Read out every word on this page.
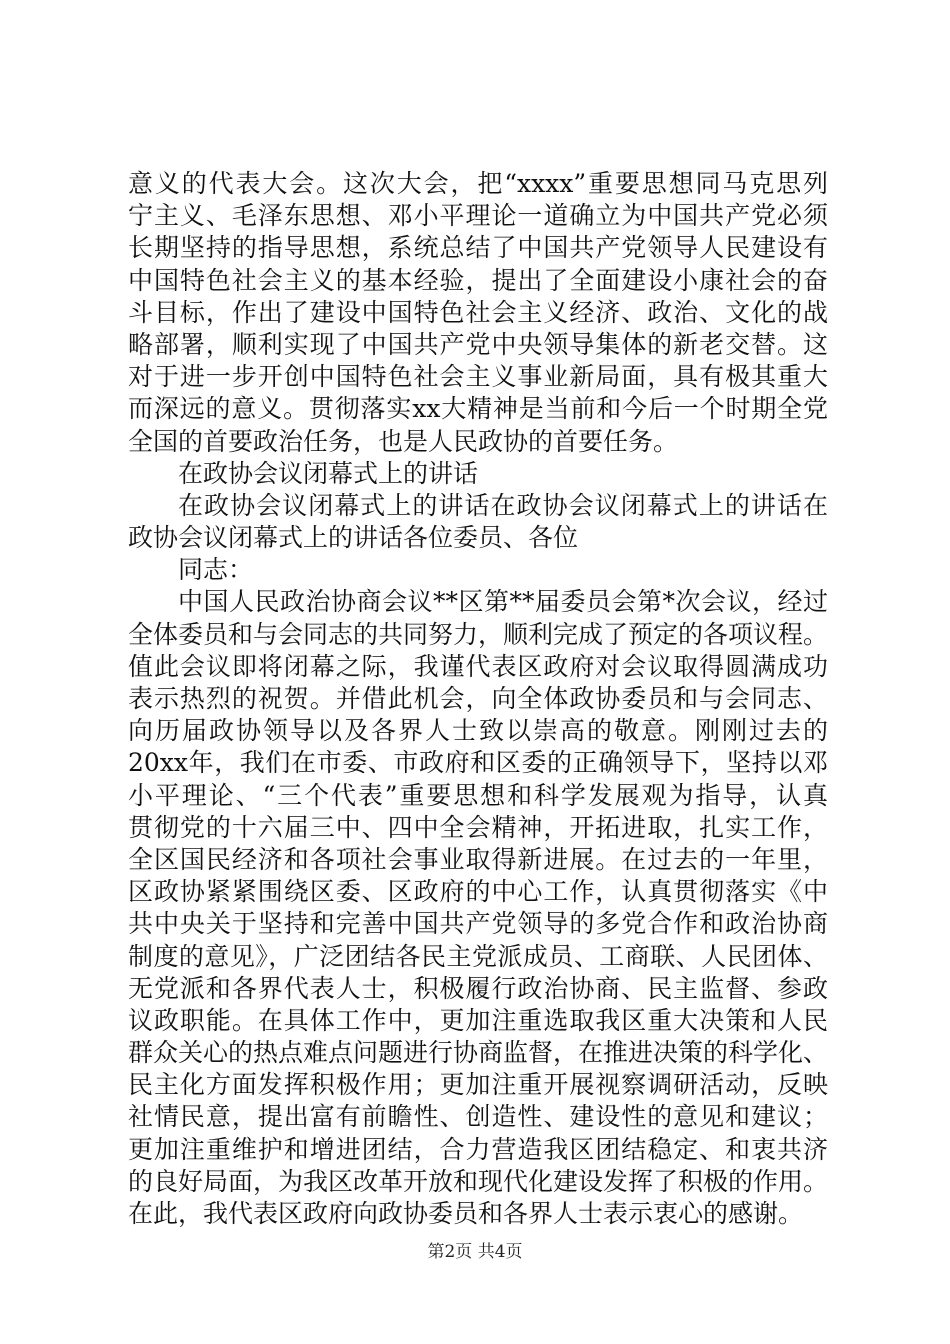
意义的代表大会。这次大会，把“xxxx”重要思想同马克思列
宁主义、毛泽东思想、邓小平理论一道确立为中国共产党必须
长期坚持的指导思想，系统总结了中国共产党领导人民建设有
中国特色社会主义的基本经验，提出了全面建设小康社会的奋
斗目标，作出了建设中国特色社会主义经济、政治、文化的战
略部署，顺利实现了中国共产党中央领导集体的新老交替。这
对于进一步开创中国特色社会主义事业新局面，具有极其重大
而深远的意义。贯彻落实xx大精神是当前和今后一个时期全党
全国的首要政治任务，也是人民政协的首要任务。
在政协会议闭幕式上的讲话
在政协会议闭幕式上的讲话在政协会议闭幕式上的讲话在
政协会议闭幕式上的讲话各位委员、各位
同志：
中国人民政治协商会议**区第**届委员会第*次会议，经过
全体委员和与会同志的共同努力，顺利完成了预定的各项议程。
值此会议即将闭幕之际，我谨代表区政府对会议取得圆满成功
表示热烈的祝贺。并借此机会，向全体政协委员和与会同志、
向历届政协领导以及各界人士致以崇高的敬意。刚刚过去的
20xx年，我们在市委、市政府和区委的正确领导下，坚持以邓
小平理论、“三个代表”重要思想和科学发展观为指导，认真
贯彻党的十六届三中、四中全会精神，开拓进取，扎实工作，
全区国民经济和各项社会事业取得新进展。在过去的一年里，
区政协紧紧围绕区委、区政府的中心工作，认真贯彻落实《中
共中央关于坚持和完善中国共产党领导的多党合作和政治协商
制度的意见》，广泛团结各民主党派成员、工商联、人民团体、
无党派和各界代表人士，积极履行政治协商、民主监督、参政
议政职能。在具体工作中，更加注重选取我区重大决策和人民
群众关心的热点难点问题进行协商监督，在推进决策的科学化、
民主化方面发挥积极作用；更加注重开展视察调研活动，反映
社情民意，提出富有前瞻性、创造性、建设性的意见和建议；
更加注重维护和增进团结，合力营造我区团结稳定、和衷共济
的良好局面，为我区改革开放和现代化建设发挥了积极的作用。
在此，我代表区政府向政协委员和各界人士表示衷心的感谢。
第2页 共4页
